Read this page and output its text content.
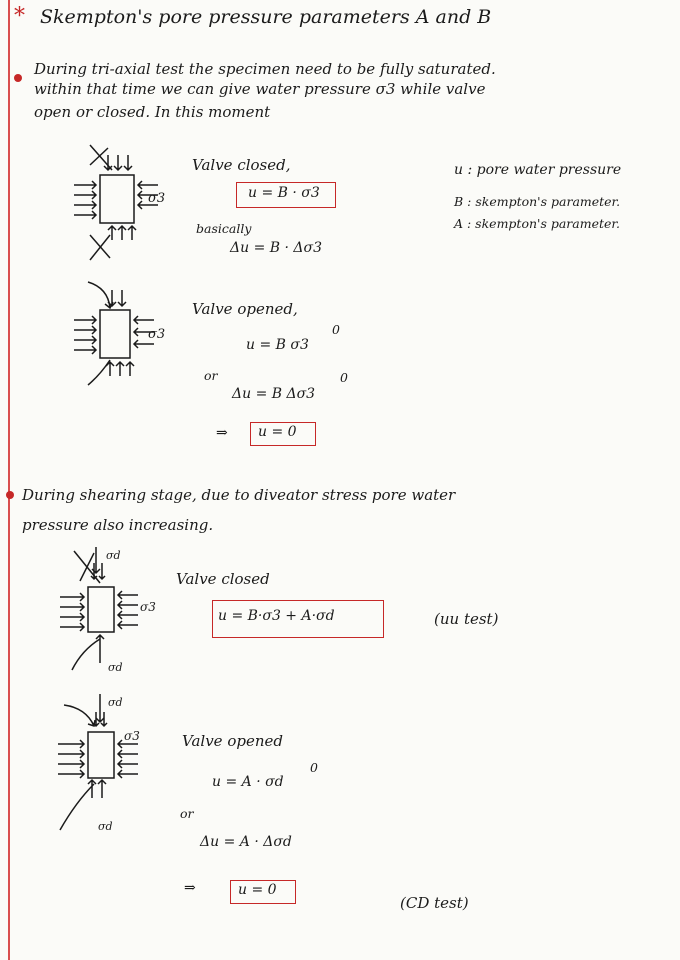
* Skempton's pore pressure parameters A and B
During tri-axial test the specimen need to be fully saturated.
within that time we can give water pressure σ3 while valve
open or closed. In this moment
σ3
Valve closed,
u = B · σ3
basically
Δu = B · Δσ3
u : pore water pressure
B : skempton's parameter.
A : skempton's parameter.
σ3
Valve opened,
u = B σ3
0
or
Δu = B Δσ3
0
⇒ u = 0
During shearing stage, due to diveator stress pore water
pressure also increasing.
σd
σ3
σd
Valve closed
u = B·σ3 + A·σd	(uu test)
σd
σ3
σd
Valve opened
u = A · σd
0
or
Δu = A · Δσd
⇒	u = 0
(CD test)
